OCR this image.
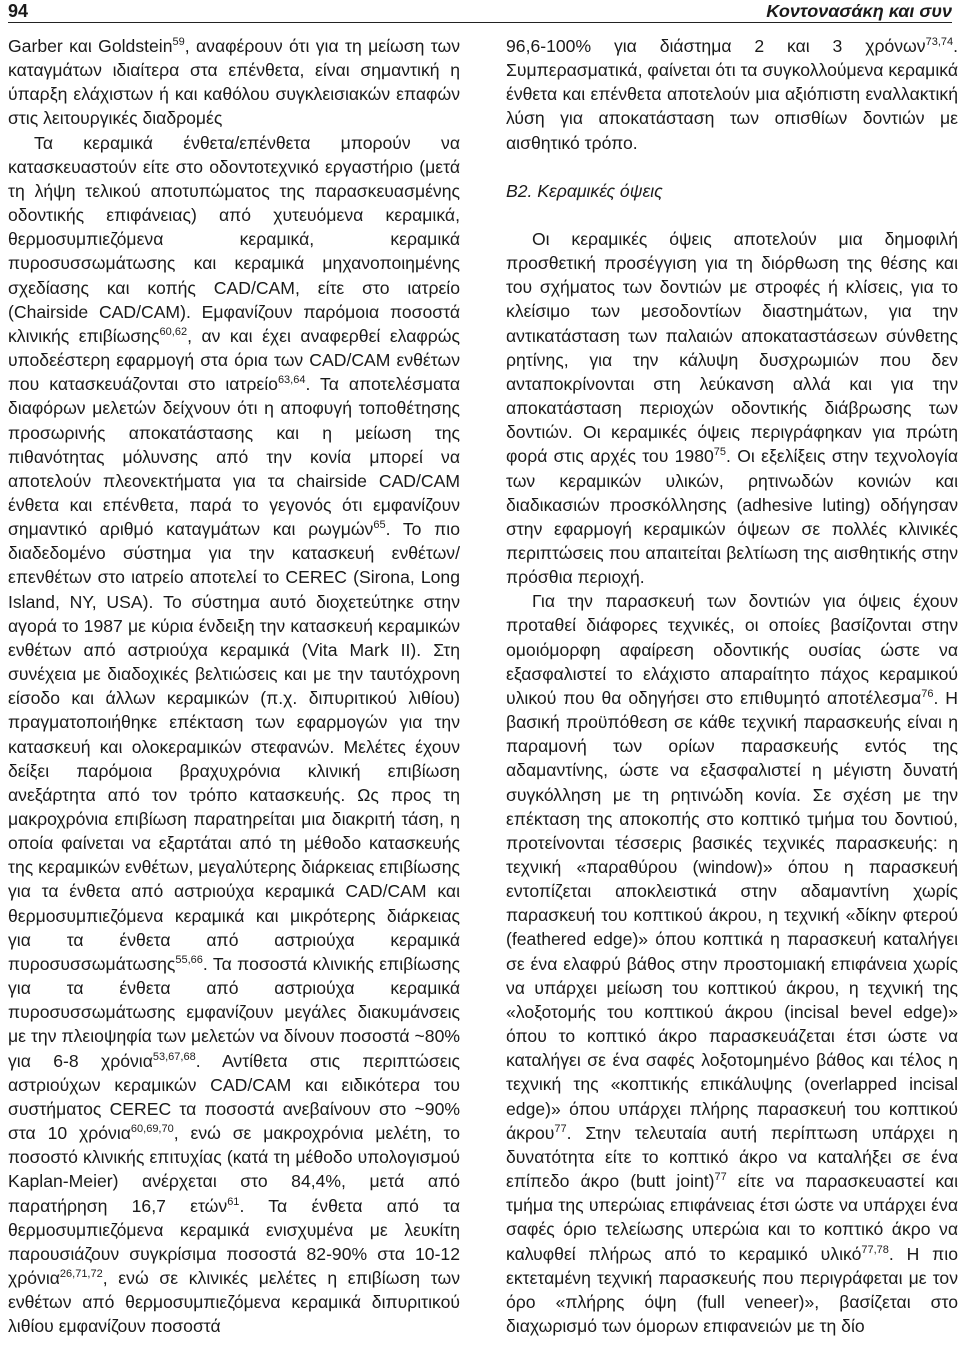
94	Κοντονασάκη και συν

Garber και Goldstein$^{59}$, αναφέρουν ότι για τη μείωση των καταγμάτων ιδιαίτερα στα επένθετα, είναι σημαντική η ύπαρξη ελάχιστων ή και καθόλου συγκλεισιακών επαφών στις λειτουργικές διαδρομές

Τα κεραμικά ένθετα/επένθετα μπορούν να κατασκευαστούν είτε στο οδοντοτεχνικό εργαστήριο (μετά τη λήψη τελικού αποτυπώματος της παρασκευασμένης οδοντικής επιφάνειας) από χυτευόμενα κεραμικά, θερμοσυμπιεζόμενα κεραμικά, κεραμικά πυροσυσσωμάτωσης και κεραμικά μηχανοποιημένης σχεδίασης και κοπής CAD/CAM, είτε στο ιατρείο (Chairside CAD/CAM). Εμφανίζουν παρόμοια ποσοστά κλινικής επιβίωσης$^{60,62}$, αν και έχει αναφερθεί ελαφρώς υποδεέστερη εφαρμογή στα όρια των CAD/CAM ενθέτων που κατασκευάζονται στο ιατρείο$^{63,64}$. Τα αποτελέσματα διαφόρων μελετών δείχνουν ότι η αποφυγή τοποθέτησης προσωρινής αποκατάστασης και η μείωση της πιθανότητας μόλυνσης από την κονία μπορεί να αποτελούν πλεονεκτήματα για τα chairside CAD/CAM ένθετα και επένθετα, παρά το γεγονός ότι εμφανίζουν σημαντικό αριθμό καταγμάτων και ρωγμών$^{65}$. Το πιο διαδεδομένο σύστημα για την κατασκευή ενθέτων/επενθέτων στο ιατρείο αποτελεί το CEREC (Sirona, Long Island, NY, USA). Το σύστημα αυτό διοχετεύτηκε στην αγορά το 1987 με κύρια ένδειξη την κατασκευή κεραμικών ενθέτων από αστριούχα κεραμικά (Vita Mark II). Στη συνέχεια με διαδοχικές βελτιώσεις και με την ταυτόχρονη είσοδο και άλλων κεραμικών (π.χ. διπυριτικού λιθίου) πραγματοποιήθηκε επέκταση των εφαρμογών για την κατασκευή και ολοκεραμικών στεφανών. Μελέτες έχουν δείξει παρόμοια βραχυχρόνια κλινική επιβίωση ανεξάρτητα από τον τρόπο κατασκευής. Ως προς τη μακροχρόνια επιβίωση παρατηρείται μια διακριτή τάση, η οποία φαίνεται να εξαρτάται από τη μέθοδο κατασκευής της κεραμικών ενθέτων, μεγαλύτερης διάρκειας επιβίωσης για τα ένθετα από αστριούχα κεραμικά CAD/CAM και θερμοσυμπιεζόμενα κεραμικά και μικρότερης διάρκειας για τα ένθετα από αστριούχα κεραμικά πυροσυσσωμάτωσης$^{55,66}$. Τα ποσοστά κλινικής επιβίωσης για τα ένθετα από αστριούχα κεραμικά πυροσυσσωμάτωσης εμφανίζουν μεγάλες διακυμάνσεις με την πλειοψηφία των μελετών να δίνουν ποσοστά ~80% για 6-8 χρόνια$^{53,67,68}$. Αντίθετα στις περιπτώσεις αστριούχων κεραμικών CAD/CAM και ειδικότερα του συστήματος CEREC τα ποσοστά ανεβαίνουν στο ~90% στα 10 χρόνια$^{60,69,70}$, ενώ σε μακροχρόνια μελέτη, το ποσοστό κλινικής επιτυχίας (κατά τη μέθοδο υπολογισμού Kaplan-Meier) ανέρχεται στο 84,4%, μετά από παρατήρηση 16,7 ετών$^{61}$. Τα ένθετα από τα θερμοσυμπιεζόμενα κεραμικά ενισχυμένα με λευκίτη παρουσιάζουν συγκρίσιμα ποσοστά 82-90% στα 10-12 χρόνια$^{26,71,72}$, ενώ σε κλινικές μελέτες η επιβίωση των ενθέτων από θερμοσυμπιεζόμενα κεραμικά διπυριτικού λιθίου εμφανίζουν ποσοστά

96,6-100% για διάστημα 2 και 3 χρόνων$^{73,74}$. Συμπερασματικά, φαίνεται ότι τα συγκολλούμενα κεραμικά ένθετα και επένθετα αποτελούν μια αξιόπιστη εναλλακτική λύση για αποκατάσταση των οπισθίων δοντιών με αισθητικό τρόπο.

B2. Κεραμικές όψεις

Οι κεραμικές όψεις αποτελούν μια δημοφιλή προσθετική προσέγγιση για τη διόρθωση της θέσης και του σχήματος των δοντιών με στροφές ή κλίσεις, για το κλείσιμο των μεσοδοντίων διαστημάτων, για την αντικατάσταση των παλαιών αποκαταστάσεων σύνθετης ρητίνης, για την κάλυψη δυσχρωμιών που δεν ανταποκρίνονται στη λεύκανση αλλά και για την αποκατάσταση περιοχών οδοντικής διάβρωσης των δοντιών. Οι κεραμικές όψεις περιγράφηκαν για πρώτη φορά στις αρχές του 1980$^{75}$. Οι εξελίξεις στην τεχνολογία των κεραμικών υλικών, ρητινωδών κονιών και διαδικασιών προσκόλλησης (adhesive luting) οδήγησαν στην εφαρμογή κεραμικών όψεων σε πολλές κλινικές περιπτώσεις που απαιτείται βελτίωση της αισθητικής στην πρόσθια περιοχή.

Για την παρασκευή των δοντιών για όψεις έχουν προταθεί διάφορες τεχνικές, οι οποίες βασίζονται στην ομοιόμορφη αφαίρεση οδοντικής ουσίας ώστε να εξασφαλιστεί το ελάχιστο απαραίτητο πάχος κεραμικού υλικού που θα οδηγήσει στο επιθυμητό αποτέλεσμα$^{76}$. Η βασική προϋπόθεση σε κάθε τεχνική παρασκευής είναι η παραμονή των ορίων παρασκευής εντός της αδαμαντίνης, ώστε να εξασφαλιστεί η μέγιστη δυνατή συγκόλληση με τη ρητινώδη κονία. Σε σχέση με την επέκταση της αποκοπής στο κοπτικό τμήμα του δοντιού, προτείνονται τέσσερις βασικές τεχνικές παρασκευής: η τεχνική «παραθύρου (window)» όπου η παρασκευή εντοπίζεται αποκλειστικά στην αδαμαντίνη χωρίς παρασκευή του κοπτικού άκρου, η τεχνική «δίκην φτερού (feathered edge)» όπου κοπτικά η παρασκευή καταλήγει σε ένα ελαφρύ βάθος στην προστομιακή επιφάνεια χωρίς να υπάρχει μείωση του κοπτικού άκρου, η τεχνική της «λοξοτομής του κοπτικού άκρου (incisal bevel edge)» όπου το κοπτικό άκρο παρασκευάζεται έτσι ώστε να καταλήγει σε ένα σαφές λοξοτομημένο βάθος και τέλος η τεχνική της «κοπτικής επικάλυψης (overlapped incisal edge)» όπου υπάρχει πλήρης παρασκευή του κοπτικού άκρου$^{77}$. Στην τελευταία αυτή περίπτωση υπάρχει η δυνατότητα είτε το κοπτικό άκρο να καταλήξει σε ένα επίπεδο άκρο (butt joint)$^{77}$ είτε να παρασκευαστεί και τμήμα της υπερώιας επιφάνειας έτσι ώστε να υπάρχει ένα σαφές όριο τελείωσης υπερώια και το κοπτικό άκρο να καλυφθεί πλήρως από το κεραμικό υλικό$^{77,78}$. Η πιο εκτεταμένη τεχνική παρασκευής που περιγράφεται με τον όρο «πλήρης όψη (full veneer)», βασίζεται στο διαχωρισμό των όμορων επιφανειών με τη δίο
